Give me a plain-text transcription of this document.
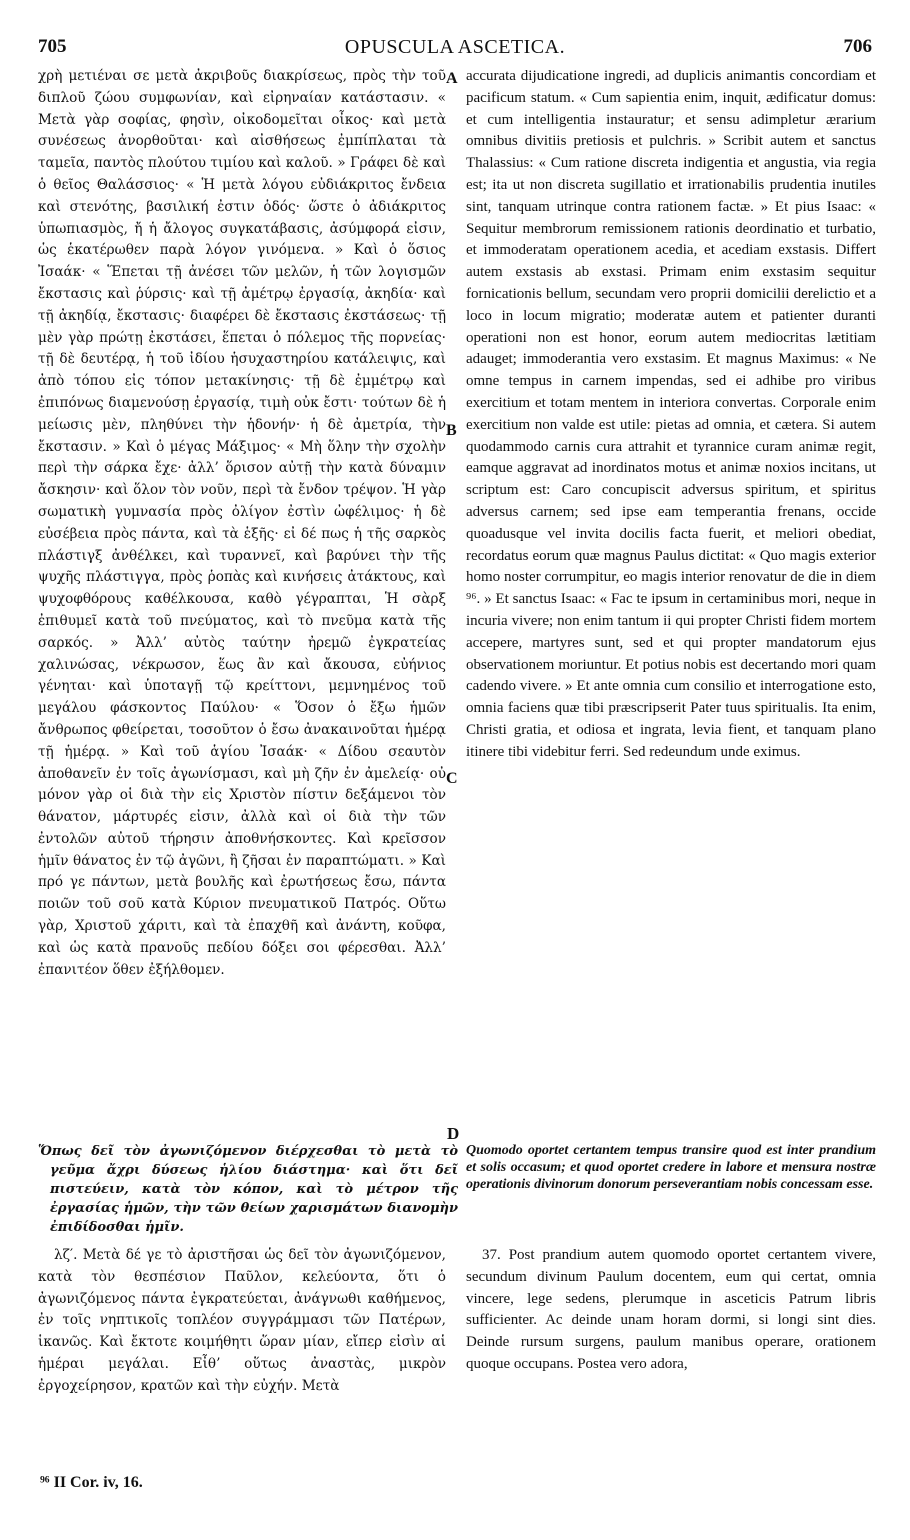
705	OPUSCULA ASCETICA.	706
χρὴ μετιέναι σε μετὰ ἀκριβοῦς διακρίσεως, πρὸς τὴν τοῦ διπλοῦ ζώου συμφωνίαν, καὶ εἰρηναίαν κατάστασιν. « Μετὰ γὰρ σοφίας, φησὶν, οἰκοδομεῖται οἶκος· καὶ μετὰ συνέσεως ἀνορθοῦται· καὶ αἰσθήσεως ἐμπίπλαται τὰ ταμεῖα, παντὸς πλούτου τιμίου καὶ καλοῦ. » Γράφει δὲ καὶ ὁ θεῖος Θαλάσσιος· « Ἡ μετὰ λόγου εὐδιάκριτος ἔνδεια καὶ στενότης, βασιλική ἐστιν ὁδός· ὥστε ὁ ἀδιάκριτος ὑπωπιασμὸς, ἤ ἡ ἄλογος συγκατάβασις, ἀσύμφορά εἰσιν, ὡς ἑκατέρωθεν παρὰ λόγον γινόμενα. » Καὶ ὁ ὅσιος Ἰσαάκ· « Ἕπεται τῇ ἀνέσει τῶν μελῶν, ἡ τῶν λογισμῶν ἔκστασις καὶ ῥύρσις· καὶ τῇ ἀμέτρῳ ἐργασίᾳ, ἀκηδία· καὶ τῇ ἀκηδίᾳ, ἔκστασις· διαφέρει δὲ ἔκστασις ἐκστάσεως· τῇ μὲν γὰρ πρώτῃ ἐκστάσει, ἕπεται ὁ πόλεμος τῆς πορνείας· τῇ δὲ δευτέρᾳ, ἡ τοῦ ἰδίου ἡσυχαστηρίου κατάλειψις, καὶ ἀπὸ τόπου εἰς τόπον μετακίνησις· τῇ δὲ ἐμμέτρῳ καὶ ἐπιπόνως διαμενούσῃ ἐργασίᾳ, τιμὴ οὐκ ἔστι· τούτων δὲ ἡ μείωσις μὲν, πληθύνει τὴν ἡδονήν· ἡ δὲ ἀμετρία, τὴν ἔκστασιν. » Καὶ ὁ μέγας Μάξιμος· « Μὴ ὅλην τὴν σχολὴν περὶ τὴν σάρκα ἔχε· ἀλλ’ ὅρισον αὐτῇ τὴν κατὰ δύναμιν ἄσκησιν· καὶ ὅλον τὸν νοῦν, περὶ τὰ ἔνδον τρέψον. Ἡ γὰρ σωματικὴ γυμνασία πρὸς ὀλίγον ἐστὶν ὠφέλιμος· ἡ δὲ εὐσέβεια πρὸς πάντα, καὶ τὰ ἑξῆς· εἰ δέ πως ἡ τῆς σαρκὸς πλάστιγξ ἀνθέλκει, καὶ τυραννεῖ, καὶ βαρύνει τὴν τῆς ψυχῆς πλάστιγγα, πρὸς ῥοπὰς καὶ κινήσεις ἀτάκτους, καὶ ψυχοφθόρους καθέλκουσα, καθὸ γέγραπται, Ἡ σὰρξ ἐπιθυμεῖ κατὰ τοῦ πνεύματος, καὶ τὸ πνεῦμα κατὰ τῆς σαρκός. » Ἀλλ’ αὐτὸς ταύτην ἠρεμῶ ἐγκρατείας χαλινώσας, νέκρωσον, ἕως ἂν καὶ ἄκουσα, εὐήνιος γένηται· καὶ ὑποταγῇ τῷ κρείττονι, μεμνημένος τοῦ μεγάλου φάσκοντος Παύλου· « Ὅσον ὁ ἔξω ἡμῶν ἄνθρωπος φθείρεται, τοσοῦτον ὁ ἔσω ἀνακαινοῦται ἡμέρᾳ τῇ ἡμέρᾳ. » Καὶ τοῦ ἁγίου Ἰσαάκ· « Δίδου σεαυτὸν ἀποθανεῖν ἐν τοῖς ἀγωνίσμασι, καὶ μὴ ζῆν ἐν ἀμελείᾳ· οὐ μόνον γὰρ οἱ διὰ τὴν εἰς Χριστὸν πίστιν δεξάμενοι τὸν θάνατον, μάρτυρές εἰσιν, ἀλλὰ καὶ οἱ διὰ τὴν τῶν ἐντολῶν αὐτοῦ τήρησιν ἀποθνήσκοντες. Καὶ κρεῖσσον ἡμῖν θάνατος ἐν τῷ ἀγῶνι, ἢ ζῆσαι ἐν παραπτώματι. » Καὶ πρό γε πάντων, μετὰ βουλῆς καὶ ἐρωτήσεως ἔσω, πάντα ποιῶν τοῦ σοῦ κατὰ Κύριον πνευματικοῦ Πατρός. Οὕτω γὰρ, Χριστοῦ χάριτι, καὶ τὰ ἐπαχθῆ καὶ ἀνάντη, κοῦφα, καὶ ὡς κατὰ πρανοῦς πεδίου δόξει σοι φέρεσθαι. Ἀλλ’ ἐπανιτέον ὅθεν ἐξήλθομεν.
accurata dijudicatione ingredi, ad duplicis animantis concordiam et pacificum statum. « Cum sapientia enim, inquit, ædificatur domus: et cum intelligentia instauratur; et sensu adimpletur ærarium omnibus divitiis pretiosis et pulchris. » Scribit autem et sanctus Thalassius: « Cum ratione discreta indigentia et angustia, via regia est; ita ut non discreta sugillatio et irrationabilis prudentia inutiles sint, tanquam utrinque contra rationem factæ. » Et pius Isaac: « Sequitur membrorum remissionem rationis deordinatio et turbatio, et immoderatam operationem acedia, et acediam exstasis. Differt autem exstasis ab exstasi. Primam enim exstasim sequitur fornicationis bellum, secundam vero proprii domicilii derelictio et a loco in locum migratio; moderatæ autem et patienter duranti operationi non est honor, eorum autem mediocritas lætitiam adauget; immoderantia vero exstasim. Et magnus Maximus: « Ne omne tempus in carnem impendas, sed ei adhibe pro viribus exercitium et totam mentem in interiora convertas. Corporale enim exercitium non valde est utile: pietas ad omnia, et cætera. Si autem quodammodo carnis cura attrahit et tyrannice curam animæ regit, eamque aggravat ad inordinatos motus et animæ noxios incitans, ut scriptum est: Caro concupiscit adversus spiritum, et spiritus adversus carnem; sed ipse eam temperantia frenans, occide quoadusque vel invita docilis facta fuerit, et meliori obediat, recordatus eorum quæ magnus Paulus dictitat: « Quo magis exterior homo noster corrumpitur, eo magis interior renovatur de die in diem ⁹⁶. » Et sanctus Isaac: « Fac te ipsum in certaminibus mori, neque in incuria vivere; non enim tantum ii qui propter Christi fidem mortem accepere, martyres sunt, sed et qui propter mandatorum ejus observationem moriuntur. Et potius nobis est decertando mori quam cadendo vivere. » Et ante omnia cum consilio et interrogatione esto, omnia faciens quæ tibi præscripserit Pater tuus spiritualis. Ita enim, Christi gratia, et odiosa et ingrata, levia fient, et tanquam plano itinere tibi videbitur ferri. Sed redeundum unde eximus.
A
B
C
D
Ὅπως δεῖ τὸν ἀγωνιζόμενον διέρχεσθαι τὸ μετὰ τὸ γεῦμα ἄχρι δύσεως ἡλίου διάστημα· καὶ ὅτι δεῖ πιστεύειν, κατὰ τὸν κόπον, καὶ τὸ μέτρον τῆς ἐργασίας ἡμῶν, τὴν τῶν θείων χαρισμάτων διανομὴν ἐπιδίδοσθαι ἡμῖν.
Quomodo oportet certantem tempus transire quod est inter prandium et solis occasum; et quod oportet credere in labore et mensura nostræ operationis divinorum donorum perseverantiam nobis concessam esse.
λζ′. Μετὰ δέ γε τὸ ἀριστῆσαι ὡς δεῖ τὸν ἀγωνιζόμενον, κατὰ τὸν θεσπέσιον Παῦλον, κελεύοντα, ὅτι ὁ ἀγωνιζόμενος πάντα ἐγκρατεύεται, ἀνάγνωθι καθήμενος, ἐν τοῖς νηπτικοῖς τοπλέον συγγράμμασι τῶν Πατέρων, ἱκανῶς. Καὶ ἔκτοτε κοιμήθητι ὥραν μίαν, εἴπερ εἰσὶν αἱ ἡμέραι μεγάλαι. Εἶθ’ οὕτως ἀναστὰς, μικρὸν ἐργοχείρησον, κρατῶν καὶ τὴν εὐχήν. Μετὰ
37. Post prandium autem quomodo oportet certantem vivere, secundum divinum Paulum docentem, eum qui certat, omnia vincere, lege sedens, plerumque in asceticis Patrum libris sufficienter. Ac deinde unam horam dormi, si longi sint dies. Deinde rursum surgens, paulum manibus operare, orationem quoque occupans. Postea vero adora,
⁹⁶ II Cor. iv, 16.
